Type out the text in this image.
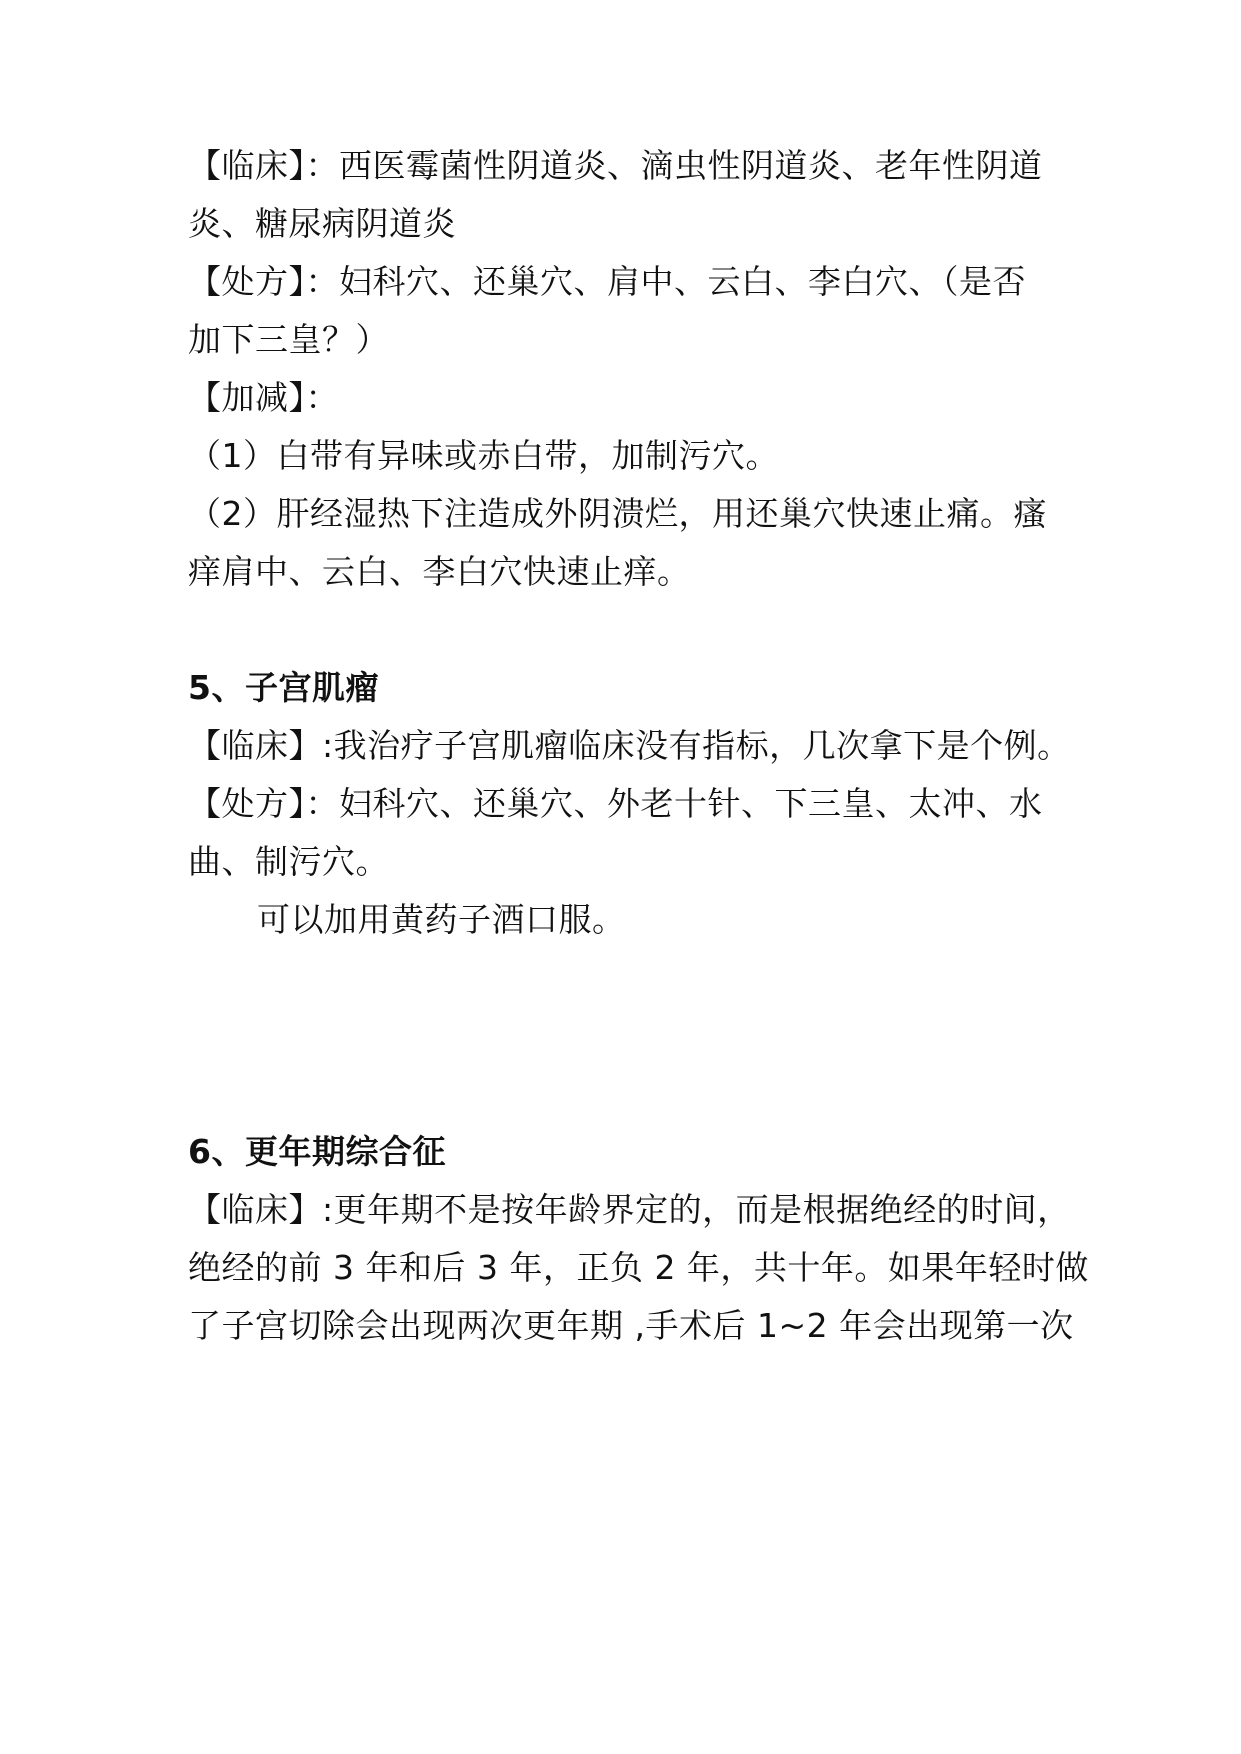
【临床】：西医霉菌性阴道炎、滴虫性阴道炎、老年性阴道
炎、糖尿病阴道炎
【处方】：妇科穴、还巢穴、肩中、云白、李白穴、（是否
加下三皇？）
【加减】：
（1）白带有异味或赤白带，加制污穴。
（2）肝经湿热下注造成外阴溃烂，用还巢穴快速止痛。瘙
痒肩中、云白、李白穴快速止痒。
5、子宫肌瘤
【临床】:我治疗子宫肌瘤临床没有指标，几次拿下是个例。
【处方】：妇科穴、还巢穴、外老十针、下三皇、太冲、水
曲、制污穴。
可以加用黄药子酒口服。
6、更年期综合征
【临床】:更年期不是按年龄界定的，而是根据绝经的时间，
绝经的前 3 年和后 3 年，正负 2 年，共十年。如果年轻时做
了子宫切除会出现两次更年期 ,手术后 1~2 年会出现第一次
